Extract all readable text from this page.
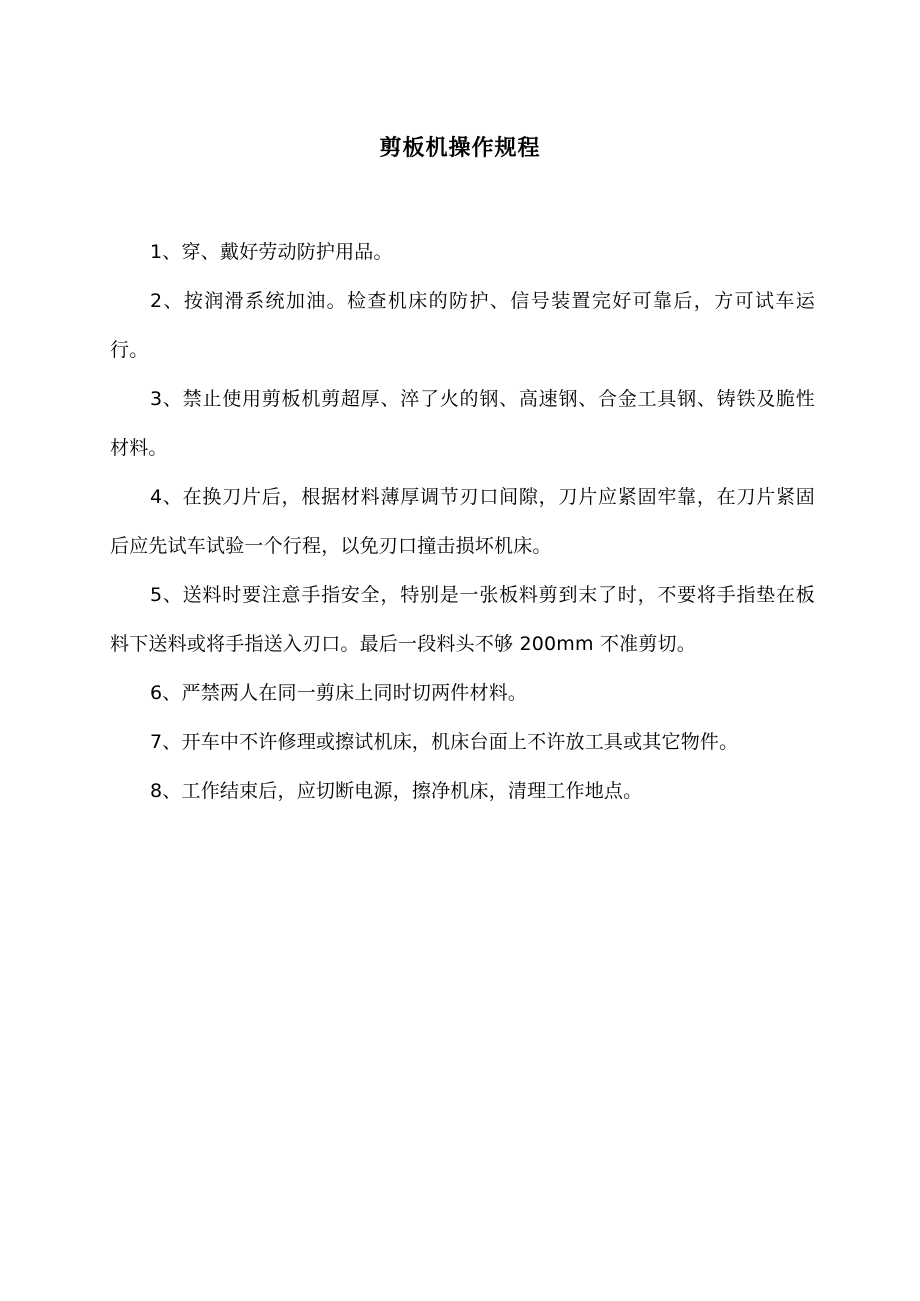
剪板机操作规程

1、穿、戴好劳动防护用品。

2、按润滑系统加油。检查机床的防护、信号装置完好可靠后，方可试车运行。

3、禁止使用剪板机剪超厚、淬了火的钢、高速钢、合金工具钢、铸铁及脆性材料。

4、在换刀片后，根据材料薄厚调节刃口间隙，刀片应紧固牢靠，在刀片紧固后应先试车试验一个行程，以免刃口撞击损坏机床。

5、送料时要注意手指安全，特别是一张板料剪到末了时，不要将手指垫在板料下送料或将手指送入刃口。最后一段料头不够 200mm 不准剪切。

6、严禁两人在同一剪床上同时切两件材料。

7、开车中不许修理或擦试机床，机床台面上不许放工具或其它物件。

8、工作结束后，应切断电源，擦净机床，清理工作地点。
